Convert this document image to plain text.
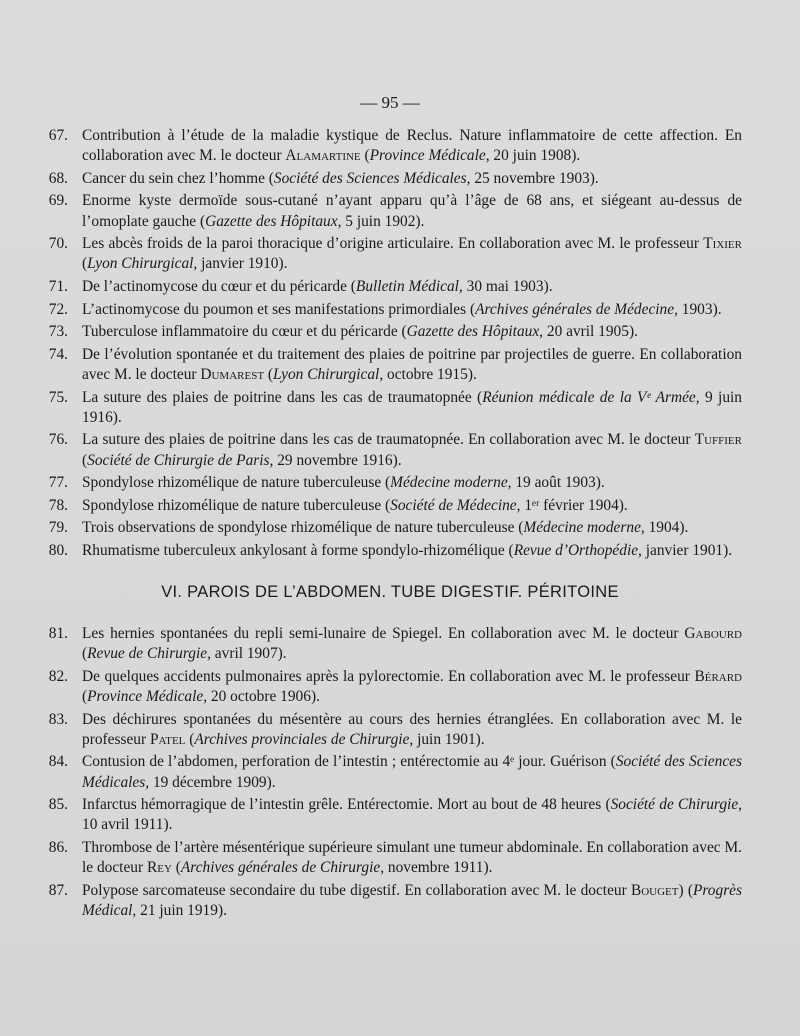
— 95 —
67. Contribution à l’étude de la maladie kystique de Reclus. Nature inflammatoire de cette affection. En collaboration avec M. le docteur Alamartine (Province Médicale, 20 juin 1908).
68. Cancer du sein chez l’homme (Société des Sciences Médicales, 25 novembre 1903).
69. Enorme kyste dermoïde sous-cutané n’ayant apparu qu’à l’âge de 68 ans, et siégeant au-dessus de l’omoplate gauche (Gazette des Hôpitaux, 5 juin 1902).
70. Les abcès froids de la paroi thoracique d’origine articulaire. En collaboration avec M. le professeur Tixier (Lyon Chirurgical, janvier 1910).
71. De l’actinomycose du cœur et du péricarde (Bulletin Médical, 30 mai 1903).
72. L’actinomycose du poumon et ses manifestations primordiales (Archives générales de Médecine, 1903).
73. Tuberculose inflammatoire du cœur et du péricarde (Gazette des Hôpitaux, 20 avril 1905).
74. De l’évolution spontanée et du traitement des plaies de poitrine par projectiles de guerre. En collaboration avec M. le docteur Dumarest (Lyon Chirurgical, octobre 1915).
75. La suture des plaies de poitrine dans les cas de traumatopnée (Réunion médicale de la Vᵉ Armée, 9 juin 1916).
76. La suture des plaies de poitrine dans les cas de traumatopnée. En collaboration avec M. le docteur Tuffier (Société de Chirurgie de Paris, 29 novembre 1916).
77. Spondylose rhizomélique de nature tuberculeuse (Médecine moderne, 19 août 1903).
78. Spondylose rhizomélique de nature tuberculeuse (Société de Médecine, 1ᵉʳ février 1904).
79. Trois observations de spondylose rhizomélique de nature tuberculeuse (Médecine moderne, 1904).
80. Rhumatisme tuberculeux ankylosant à forme spondylo-rhizomélique (Revue d’Orthopédie, janvier 1901).
VI. PAROIS DE L’ABDOMEN. TUBE DIGESTIF. PÉRITOINE
81. Les hernies spontanées du repli semi-lunaire de Spiegel. En collaboration avec M. le docteur Gabourd (Revue de Chirurgie, avril 1907).
82. De quelques accidents pulmonaires après la pylorectomie. En collaboration avec M. le professeur Bérard (Province Médicale, 20 octobre 1906).
83. Des déchirures spontanées du mésentère au cours des hernies étranglées. En collaboration avec M. le professeur Patel (Archives provinciales de Chirurgie, juin 1901).
84. Contusion de l’abdomen, perforation de l’intestin ; entérectomie au 4ᵉ jour. Guérison (Société des Sciences Médicales, 19 décembre 1909).
85. Infarctus hémorragique de l’intestin grêle. Entérectomie. Mort au bout de 48 heures (Société de Chirurgie, 10 avril 1911).
86. Thrombose de l’artère mésentérique supérieure simulant une tumeur abdominale. En collaboration avec M. le docteur Rey (Archives générales de Chirurgie, novembre 1911).
87. Polypose sarcomateuse secondaire du tube digestif. En collaboration avec M. le docteur Bouget) (Progrès Médical, 21 juin 1919).
